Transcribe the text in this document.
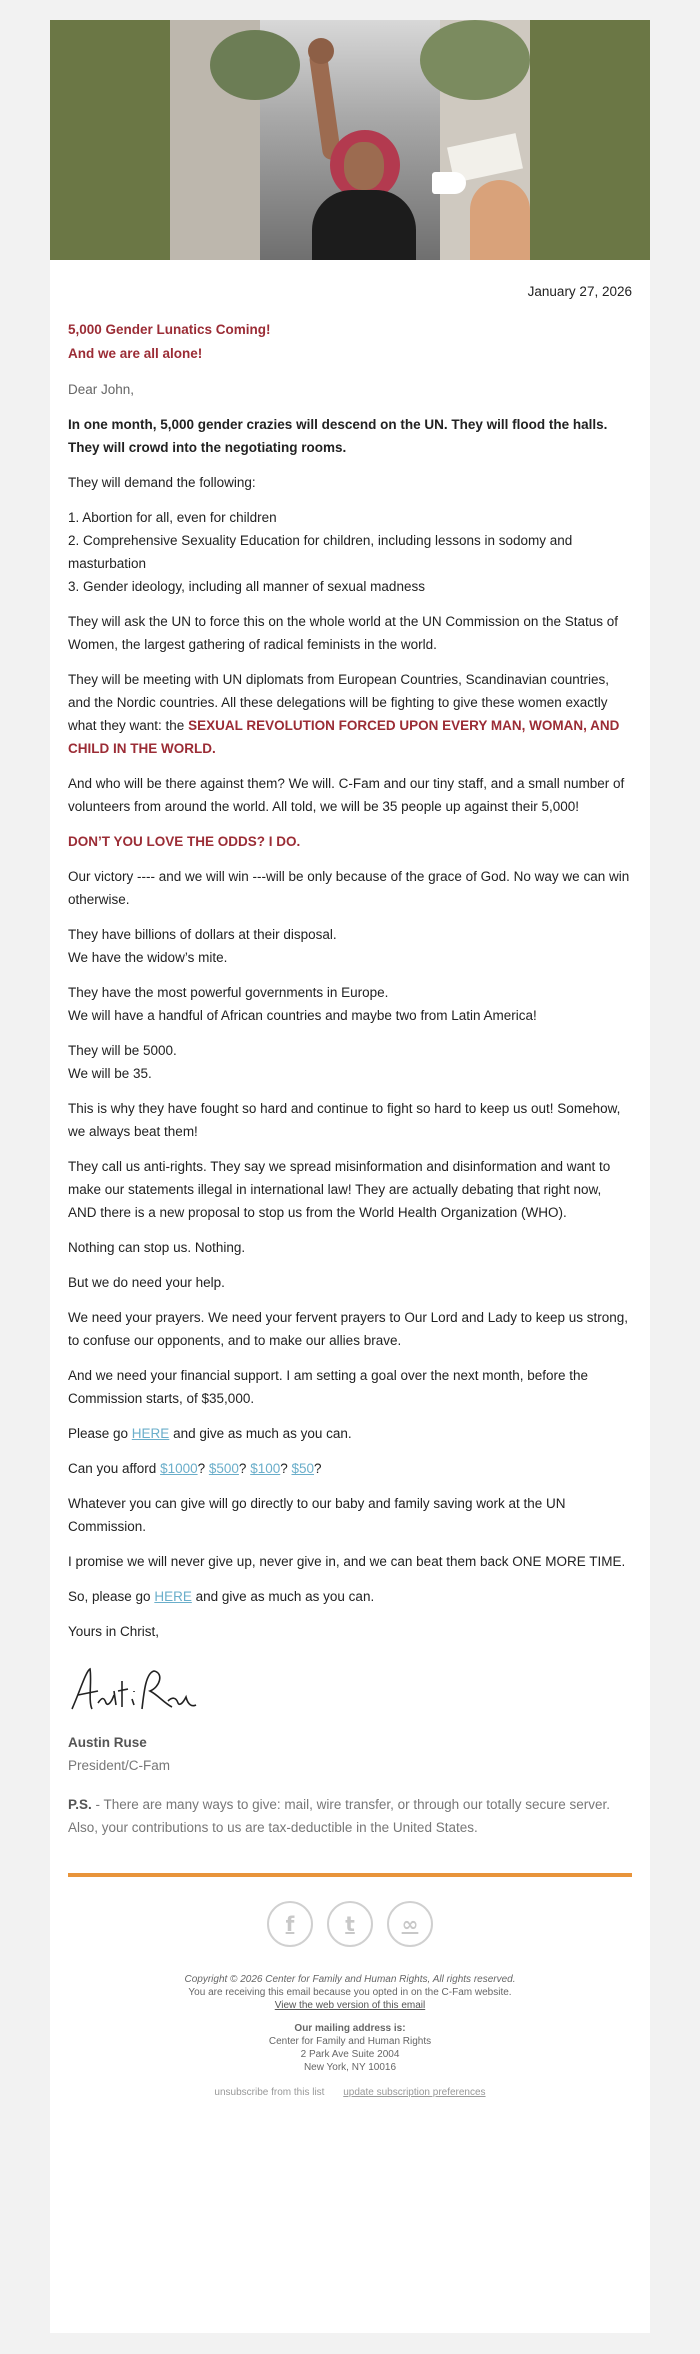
January 27, 2026
5,000 Gender Lunatics Coming!
And we are all alone!

Dear John,

In one month, 5,000 gender crazies will descend on the UN. They will flood the halls. They will crowd into the negotiating rooms.

They will demand the following:

1. Abortion for all, even for children
2. Comprehensive Sexuality Education for children, including lessons in sodomy and masturbation
3. Gender ideology, including all manner of sexual madness

They will ask the UN to force this on the whole world at the UN Commission on the Status of Women, the largest gathering of radical feminists in the world.

They will be meeting with UN diplomats from European Countries, Scandinavian countries, and the Nordic countries. All these delegations will be fighting to give these women exactly what they want: the SEXUAL REVOLUTION FORCED UPON EVERY MAN, WOMAN, AND CHILD IN THE WORLD.

And who will be there against them? We will. C-Fam and our tiny staff, and a small number of volunteers from around the world. All told, we will be 35 people up against their 5,000!

DON’T YOU LOVE THE ODDS? I DO.

Our victory ---- and we will win ---will be only because of the grace of God. No way we can win otherwise.

They have billions of dollars at their disposal.
We have the widow’s mite.

They have the most powerful governments in Europe.
We will have a handful of African countries and maybe two from Latin America!

They will be 5000.
We will be 35.

This is why they have fought so hard and continue to fight so hard to keep us out! Somehow, we always beat them!

They call us anti-rights. They say we spread misinformation and disinformation and want to make our statements illegal in international law! They are actually debating that right now, AND there is a new proposal to stop us from the World Health Organization (WHO).

Nothing can stop us. Nothing.

But we do need your help.

We need your prayers. We need your fervent prayers to Our Lord and Lady to keep us strong, to confuse our opponents, and to make our allies brave.

And we need your financial support. I am setting a goal over the next month, before the Commission starts, of $35,000.

Please go HERE and give as much as you can.

Can you afford $1000? $500? $100? $50?

Whatever you can give will go directly to our baby and family saving work at the UN Commission.

I promise we will never give up, never give in, and we can beat them back ONE MORE TIME.

So, please go HERE and give as much as you can.

Yours in Christ,

Austin Ruse
President/C-Fam

P.S. - There are many ways to give: mail, wire transfer, or through our totally secure server. Also, your contributions to us are tax-deductible in the United States.

f	t	∞
Copyright © 2026 Center for Family and Human Rights, All rights reserved.
You are receiving this email because you opted in on the C-Fam website.
View the web version of this email
Our mailing address is:
Center for Family and Human Rights
2 Park Ave Suite 2004
New York, NY 10016
unsubscribe from this list update subscription preferences
